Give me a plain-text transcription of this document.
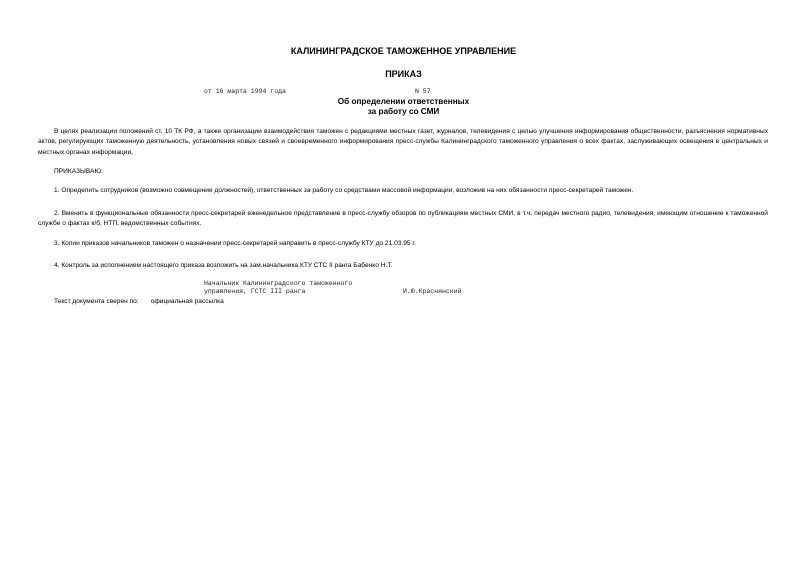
КАЛИНИНГРАДСКОЕ ТАМОЖЕННОЕ УПРАВЛЕНИЕ
ПРИКАЗ
от 16 марта 1994 года	N 57
Об определении ответственных
за работу со СМИ
В целях реализации положений ст. 10 ТК РФ, а также организации взаимодействия таможен с редакциями местных газет, журналов, телевидения с целью улучшения информирования общественности, разъяснения нормативных актов, регулирующих таможенную деятельность, установления новых связей и своевременного информирования пресс-службы Калининградского таможенного управления о всех фактах, заслуживающих освещения в центральных и местных органах информации,
ПРИКАЗЫВАЮ:
1. Определить сотрудников (возможно совмещение должностей), ответственных за работу со средствами массовой информации, возложив на них обязанности пресс-секретарей таможен.
2. Вменить в функциональные обязанности пресс-секретарей еженедельное представление в пресс-службу обзоров по публикациям местных СМИ, в т.ч. передач местного радио, телевидения, имеющим отношение к таможенной службе о фактах к/б, НТП, ведомственных событиях.
3. Копии приказов начальников таможен о назначении пресс-секретарей направить в пресс-службу КТУ до 21.03.95 г.
4. Контроль за исполнением настоящего приказа возложить на зам.начальника КТУ СТС II ранга Бабенко Н.Т.
Начальник Калининградского таможенного
управления, ГСТС III ранга	И.Ю.Краснянский
Текст документа сверен по: официальная рассылка
